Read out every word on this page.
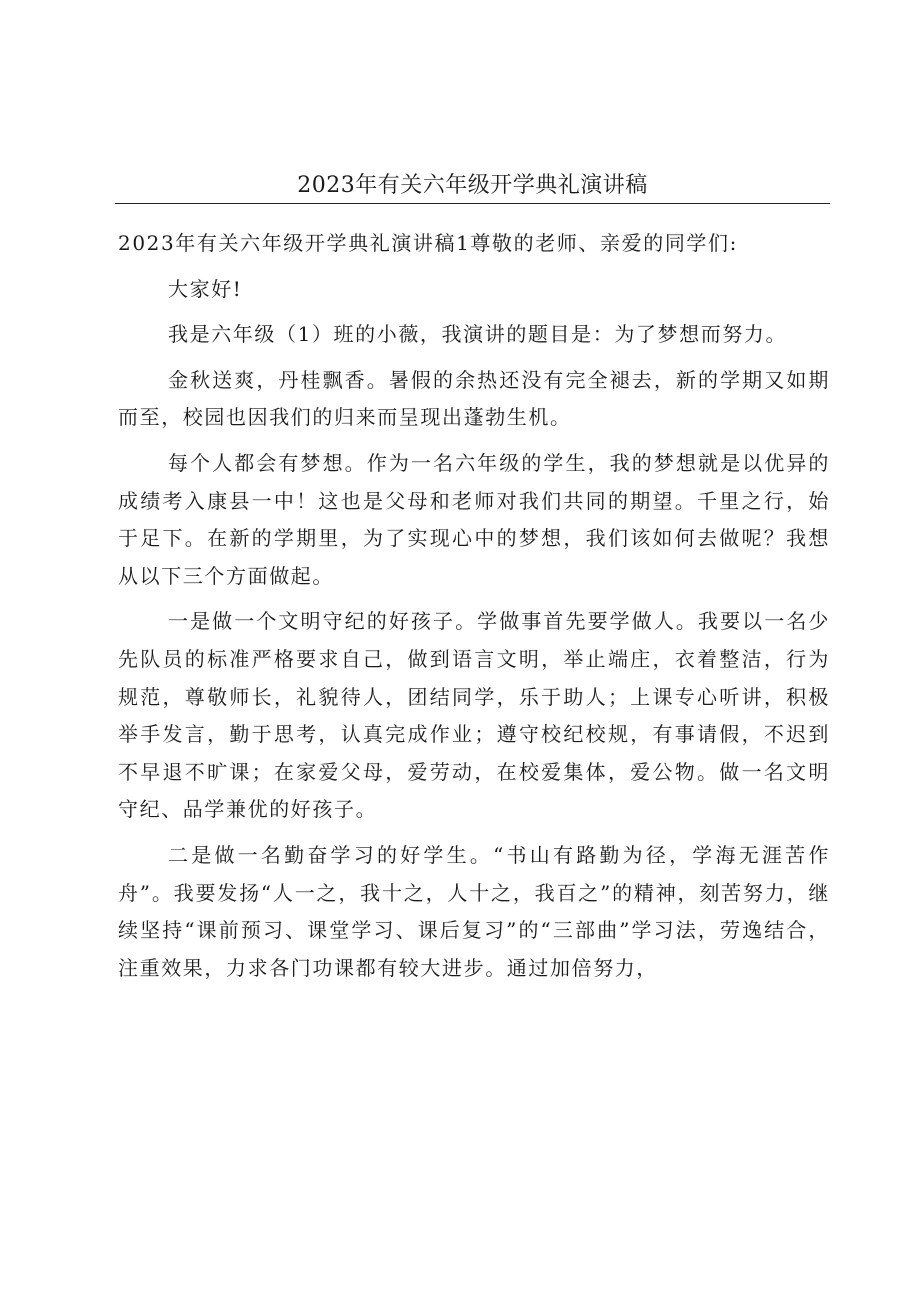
2023年有关六年级开学典礼演讲稿

2023年有关六年级开学典礼演讲稿1尊敬的老师、亲爱的同学们:

大家好!

我是六年级（1）班的小薇，我演讲的题目是：为了梦想而努力。

金秋送爽，丹桂飘香。暑假的余热还没有完全褪去，新的学期又如期而至，校园也因我们的归来而呈现出蓬勃生机。

每个人都会有梦想。作为一名六年级的学生，我的梦想就是以优异的成绩考入康县一中！这也是父母和老师对我们共同的期望。千里之行，始于足下。在新的学期里，为了实现心中的梦想，我们该如何去做呢？我想从以下三个方面做起。

一是做一个文明守纪的好孩子。学做事首先要学做人。我要以一名少先队员的标准严格要求自己，做到语言文明，举止端庄，衣着整洁，行为规范，尊敬师长，礼貌待人，团结同学，乐于助人；上课专心听讲，积极举手发言，勤于思考，认真完成作业；遵守校纪校规，有事请假，不迟到不早退不旷课；在家爱父母，爱劳动，在校爱集体，爱公物。做一名文明守纪、品学兼优的好孩子。

二是做一名勤奋学习的好学生。“书山有路勤为径，学海无涯苦作舟”。我要发扬“人一之，我十之，人十之，我百之”的精神，刻苦努力，继续坚持“课前预习、课堂学习、课后复习”的“三部曲”学习法，劳逸结合，注重效果，力求各门功课都有较大进步。通过加倍努力，
